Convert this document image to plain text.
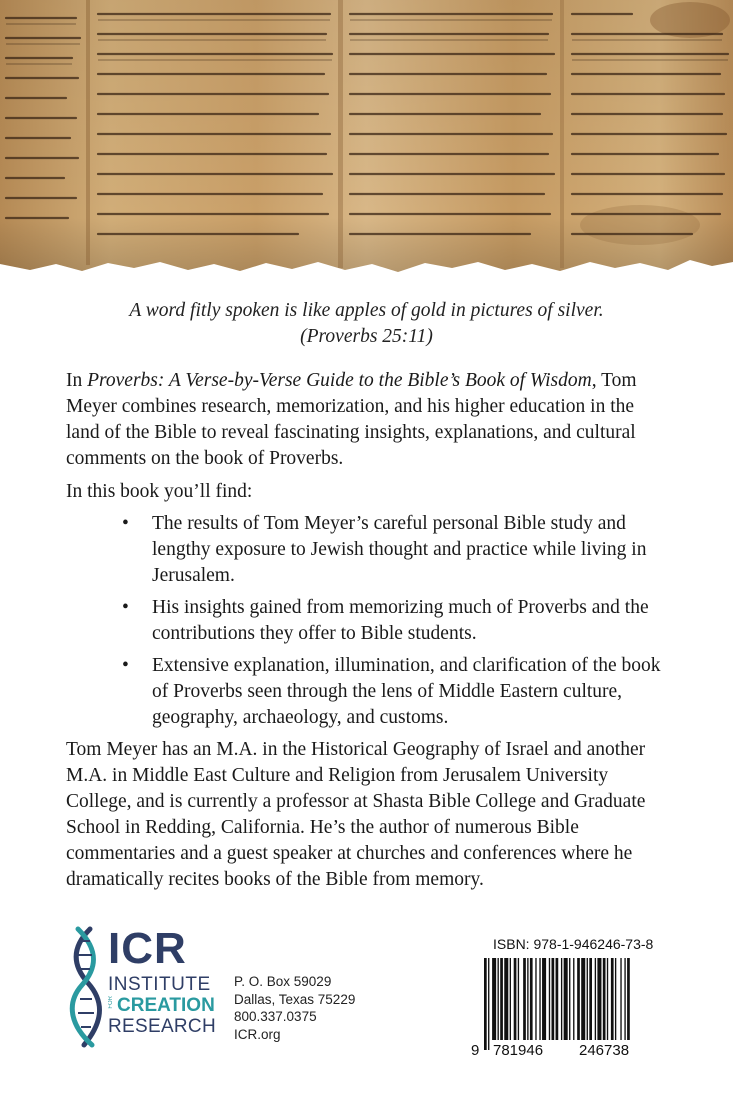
A word fitly spoken is like apples of gold in pictures of silver.
(Proverbs 25:11)

In Proverbs: A Verse-by-Verse Guide to the Bible’s Book of Wisdom, Tom Meyer combines research, memorization, and his higher education in the land of the Bible to reveal fascinating insights, explanations, and cultural comments on the book of Proverbs.

In this book you’ll find:

• The results of Tom Meyer’s careful personal Bible study and lengthy exposure to Jewish thought and practice while living in Jerusalem.
• His insights gained from memorizing much of Proverbs and the contributions they offer to Bible students.
• Extensive explanation, illumination, and clarification of the book of Proverbs seen through the lens of Middle Eastern culture, geography, archaeology, and customs.

Tom Meyer has an M.A. in the Historical Geography of Israel and another M.A. in Middle East Culture and Religion from Jerusalem University College, and is currently a professor at Shasta Bible College and Graduate School in Redding, California. He’s the author of numerous Bible commentaries and a guest speaker at churches and conferences where he dramatically recites books of the Bible from memory.

ICR
INSTITUTE
FOR CREATION
RESEARCH
P. O. Box 59029
Dallas, Texas 75229
800.337.0375
ICR.org
ISBN: 978-1-946246-73-8
9 781946 246738
